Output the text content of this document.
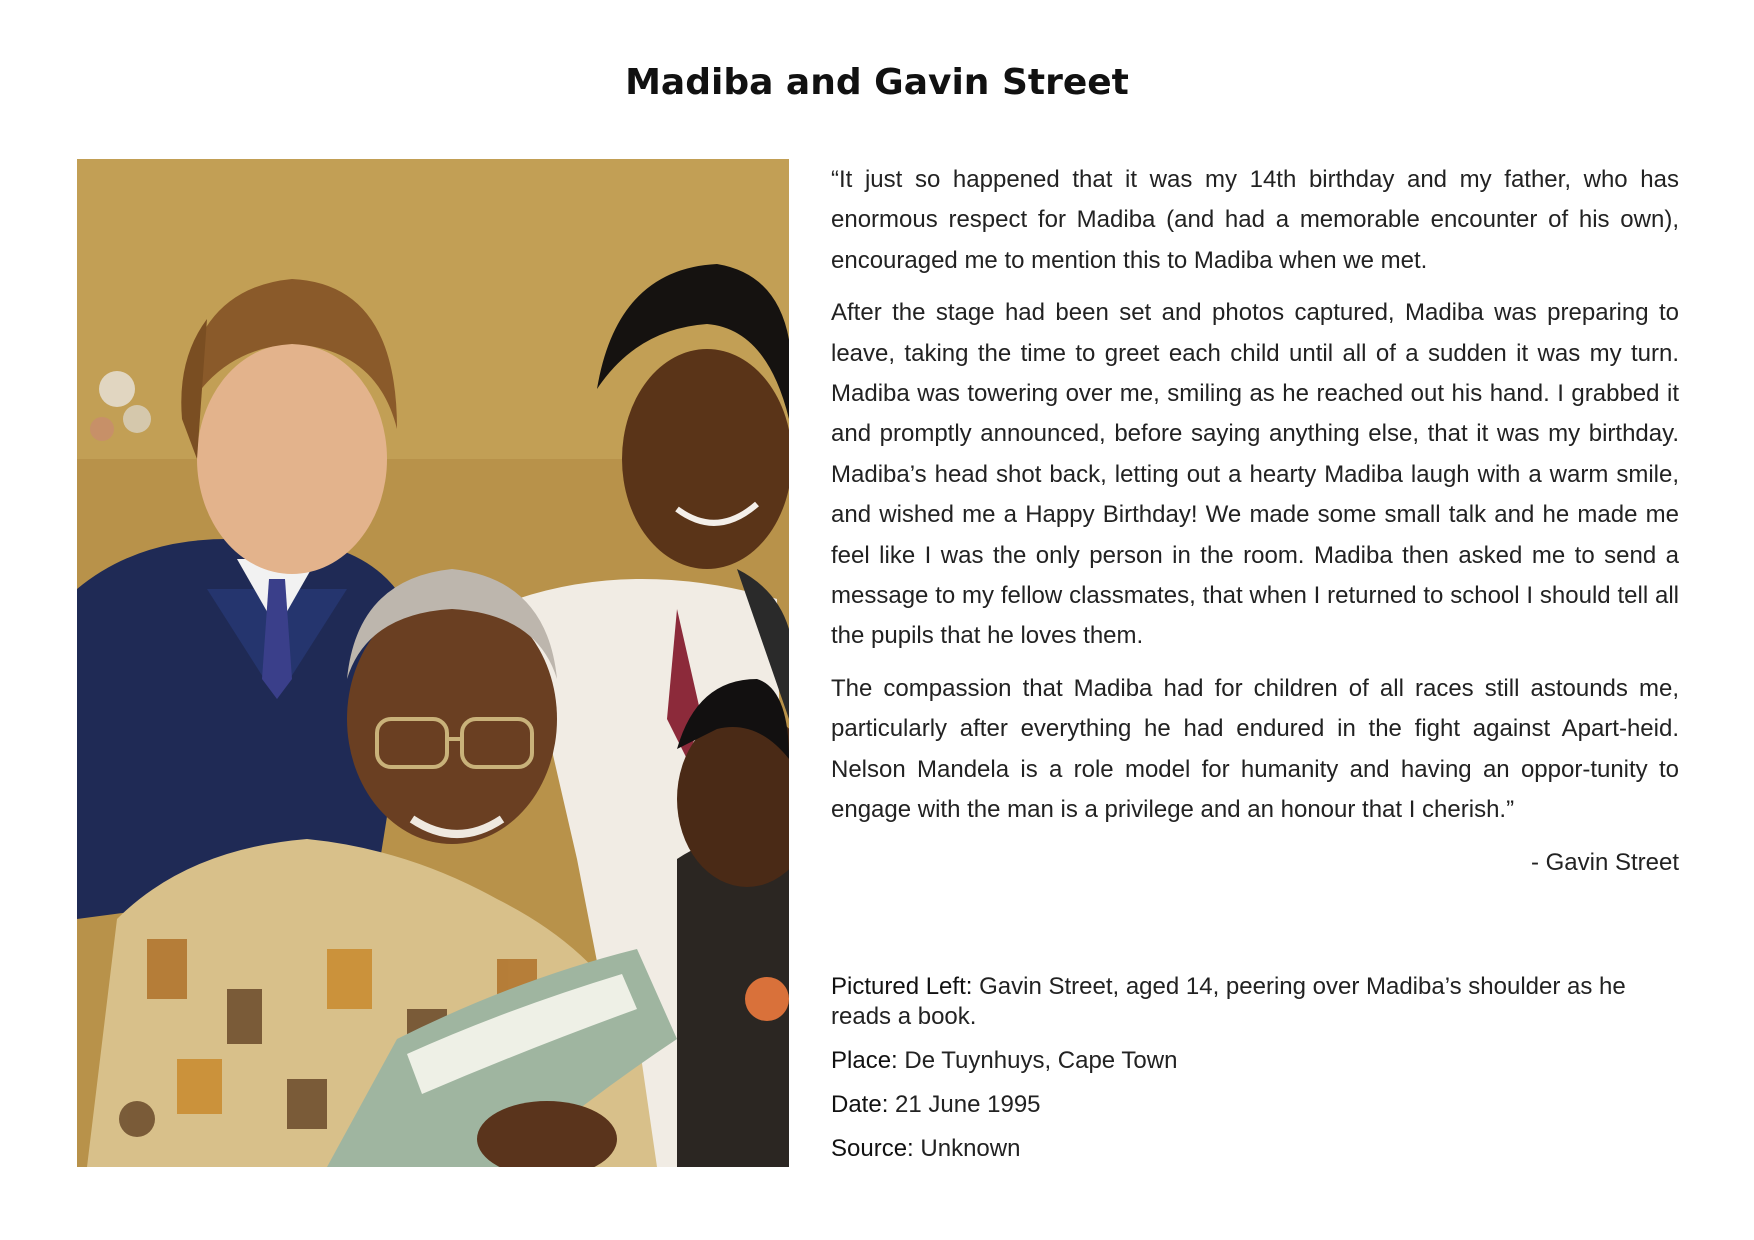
Madiba and Gavin Street

“It just so happened that it was my 14th birthday and my father, who has enormous respect for Madiba (and had a memorable encounter of his own), encouraged me to mention this to Madiba when we met.

After the stage had been set and photos captured, Madiba was preparing to leave, taking the time to greet each child until all of a sudden it was my turn. Madiba was towering over me, smiling as he reached out his hand. I grabbed it and promptly announced, before saying anything else, that it was my birthday. Madiba’s head shot back, letting out a hearty Madiba laugh with a warm smile, and wished me a Happy Birthday! We made some small talk and he made me feel like I was the only person in the room. Madiba then asked me to send a message to my fellow classmates, that when I returned to school I should tell all the pupils that he loves them.

The compassion that Madiba had for children of all races still astounds me, particularly after everything he had endured in the fight against Apart-heid. Nelson Mandela is a role model for humanity and having an oppor-tunity to engage with the man is a privilege and an honour that I cherish.”

- Gavin Street

Pictured Left: Gavin Street, aged 14, peering over Madiba’s shoulder as he reads a book.

Place: De Tuynhuys, Cape Town

Date: 21 June 1995

Source: Unknown
